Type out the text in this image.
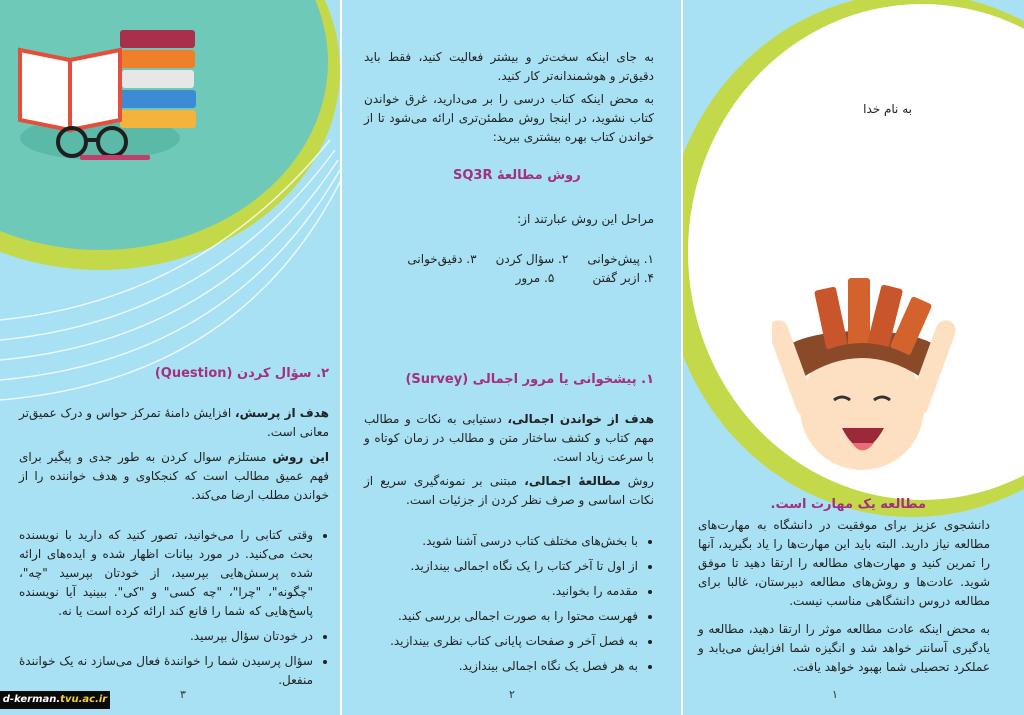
۲. سؤال کردن (Question)
هدف از پرسش، افزایش دامنهٔ تمرکز حواس و درک عمیق‌تر معانی است.
این روش مستلزم سوال کردن به طور جدی و پیگیر برای فهم عمیق مطالب است که کنجکاوی و هدف خواننده را از خواندن مطلب ارضا می‌کند.
• وقتی کتابی را می‌خوانید، تصور کنید که دارید با نویسنده بحث می‌کنید. در مورد بیانات اظهار شده و ایده‌های ارائه شده پرسش‌هایی بپرسید، از خودتان بپرسید "چه"، "چگونه"، "چرا"، "چه کسی" و "کی". ببینید آیا نویسنده پاسخ‌هایی که شما را قانع کند ارائه کرده است یا نه.
• در خودتان سؤال بپرسید.
• سؤال پرسیدن شما را خوانندهٔ فعال می‌سازد نه یک خوانندهٔ منفعل.
۳
به جای اینکه سخت‌تر و بیشتر فعالیت کنید، فقط باید دقیق‌تر و هوشمندانه‌تر کار کنید.
به محض اینکه کتاب درسی را بر می‌دارید، غرق خواندن کتاب نشوید، در اینجا روش مطمئن‌تری ارائه می‌شود تا از خواندن کتاب بهره بیشتری ببرید:
روش مطالعهٔ SQ3R
مراحل این روش عبارتند از:
۱. پیش‌خوانی     ۲. سؤال کردن     ۳. دقیق‌خوانی
۴. ازبر گفتن          ۵. مرور
۱. پیشخوانی یا مرور اجمالی (Survey)
هدف از خواندن اجمالی، دستیابی به نکات و مطالب مهم کتاب و کشف ساختار متن و مطالب در زمان کوتاه و با سرعت زیاد است.
روش مطالعهٔ اجمالی، مبتنی بر نمونه‌گیری سریع از نکات اساسی و صرف نظر کردن از جزئیات است.
• با بخش‌های مختلف کتاب درسی آشنا شوید.
• از اول تا آخر کتاب را یک نگاه اجمالی بیندازید.
• مقدمه را بخوانید.
• فهرست محتوا را به صورت اجمالی بررسی کنید.
• به فصل آخر و صفحات پایانی کتاب نظری بیندازید.
• به هر فصل یک نگاه اجمالی بیندازید.
۲
به نام خدا
مطالعه یک مهارت است.
دانشجوی عزیز برای موفقیت در دانشگاه به مهارت‌های مطالعه نیاز دارید. البته باید این مهارت‌ها را یاد بگیرید، آنها را تمرین کنید و مهارت‌های مطالعه را ارتقا دهید تا موفق شوید. عادت‌ها و روش‌های مطالعه دبیرستان، غالبا برای مطالعه دروس دانشگاهی مناسب نیست.
به محض اینکه عادت مطالعه موثر را ارتقا دهید، مطالعه و یادگیری آسانتر خواهد شد و انگیزه شما افزایش می‌یابد و عملکرد تحصیلی شما بهبود خواهد یافت.
۱
d-kerman.tvu.ac.ir
